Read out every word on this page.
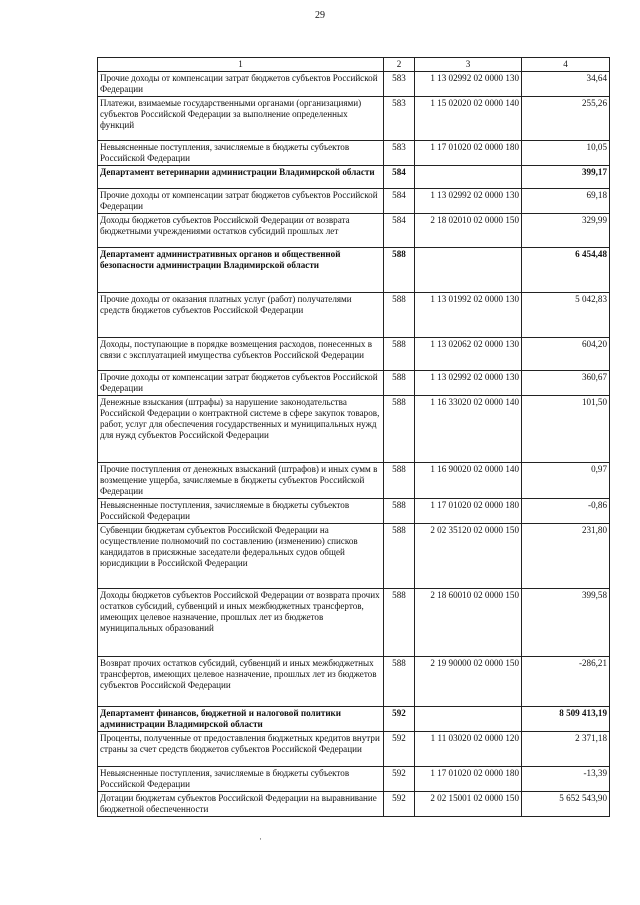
29
1	2	3	4
Прочие доходы от компенсации затрат бюджетов субъектов Российской Федерации	583	1 13 02992 02 0000 130	34,64
Платежи, взимаемые государственными органами (организациями) субъектов Российской Федерации за выполнение определенных функций	583	1 15 02020 02 0000 140	255,26
Невыясненные поступления, зачисляемые в бюджеты субъектов Российской Федерации	583	1 17 01020 02 0000 180	10,05
Департамент ветеринарии администрации Владимирской области	584		399,17
Прочие доходы от компенсации затрат бюджетов субъектов Российской Федерации	584	1 13 02992 02 0000 130	69,18
Доходы бюджетов субъектов Российской Федерации от возврата бюджетными учреждениями остатков субсидий прошлых лет	584	2 18 02010 02 0000 150	329,99
Департамент административных органов и общественной безопасности администрации Владимирской области	588		6 454,48
Прочие доходы от оказания платных услуг (работ) получателями средств бюджетов субъектов Российской Федерации	588	1 13 01992 02 0000 130	5 042,83
Доходы, поступающие в порядке возмещения расходов, понесенных в связи с эксплуатацией имущества субъектов Российской Федерации	588	1 13 02062 02 0000 130	604,20
Прочие доходы от компенсации затрат бюджетов субъектов Российской Федерации	588	1 13 02992 02 0000 130	360,67
Денежные взыскания (штрафы) за нарушение законодательства Российской Федерации о контрактной системе в сфере закупок товаров, работ, услуг для обеспечения государственных и муниципальных нужд для нужд субъектов Российской Федерации	588	1 16 33020 02 0000 140	101,50
Прочие поступления от денежных взысканий (штрафов) и иных сумм в возмещение ущерба, зачисляемые в бюджеты субъектов Российской Федерации	588	1 16 90020 02 0000 140	0,97
Невыясненные поступления, зачисляемые в бюджеты субъектов Российской Федерации	588	1 17 01020 02 0000 180	-0,86
Субвенции бюджетам субъектов Российской Федерации на осуществление полномочий по составлению (изменению) списков кандидатов в присяжные заседатели федеральных судов общей юрисдикции в Российской Федерации	588	2 02 35120 02 0000 150	231,80
Доходы бюджетов субъектов Российской Федерации от возврата прочих остатков субсидий, субвенций и иных межбюджетных трансфертов, имеющих целевое назначение, прошлых лет из бюджетов муниципальных образований	588	2 18 60010 02 0000 150	399,58
Возврат прочих остатков субсидий, субвенций и иных межбюджетных трансфертов, имеющих целевое назначение, прошлых лет из бюджетов субъектов Российской Федерации	588	2 19 90000 02 0000 150	-286,21
Департамент финансов, бюджетной и налоговой политики администрации Владимирской области	592		8 509 413,19
Проценты, полученные от предоставления бюджетных кредитов внутри страны за счет средств бюджетов субъектов Российской Федерации	592	1 11 03020 02 0000 120	2 371,18
Невыясненные поступления, зачисляемые в бюджеты субъектов Российской Федерации	592	1 17 01020 02 0000 180	-13,39
Дотации бюджетам субъектов Российской Федерации на выравнивание бюджетной обеспеченности	592	2 02 15001 02 0000 150	5 652 543,90
·
